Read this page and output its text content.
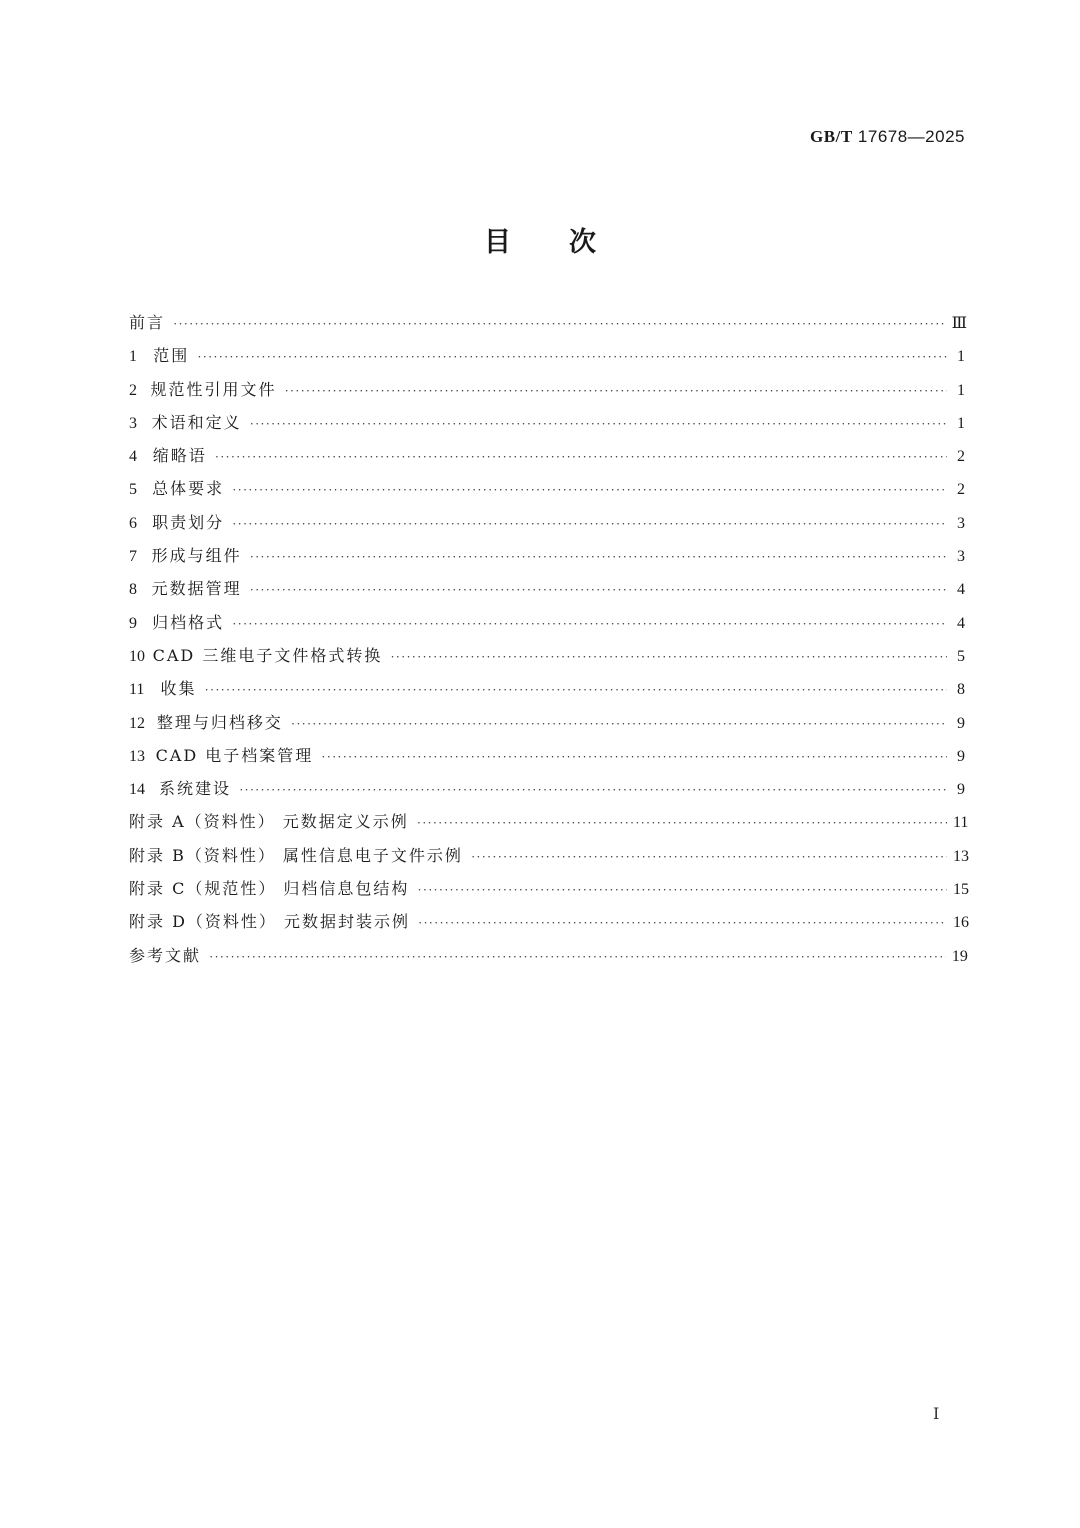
GB/T 17678—2025
目次
前言 ·····	Ⅲ
1	范围 ·····	1
2 规范性引用文件 ·····	1
3 术语和定义 ·····	1
4 缩略语 ·····	2
5 总体要求 ·····	2
6 职责划分 ·····	3
7 形成与组件 ·····	3
8 元数据管理 ·····	4
9 归档格式 ·····	4
10 CAD 三维电子文件格式转换 ·····	5
11	收集 ·····	8
12 整理与归档移交 ·····	9
13 CAD 电子档案管理 ·····	9
14 系统建设 ·····	9
附录 A（资料性） 元数据定义示例 ·····	11
附录 B（资料性） 属性信息电子文件示例 ·····	13
附录 C（规范性） 归档信息包结构 ·····	15
附录 D（资料性） 元数据封装示例 ·····	16
参考文献 ·····	19
Ⅰ
